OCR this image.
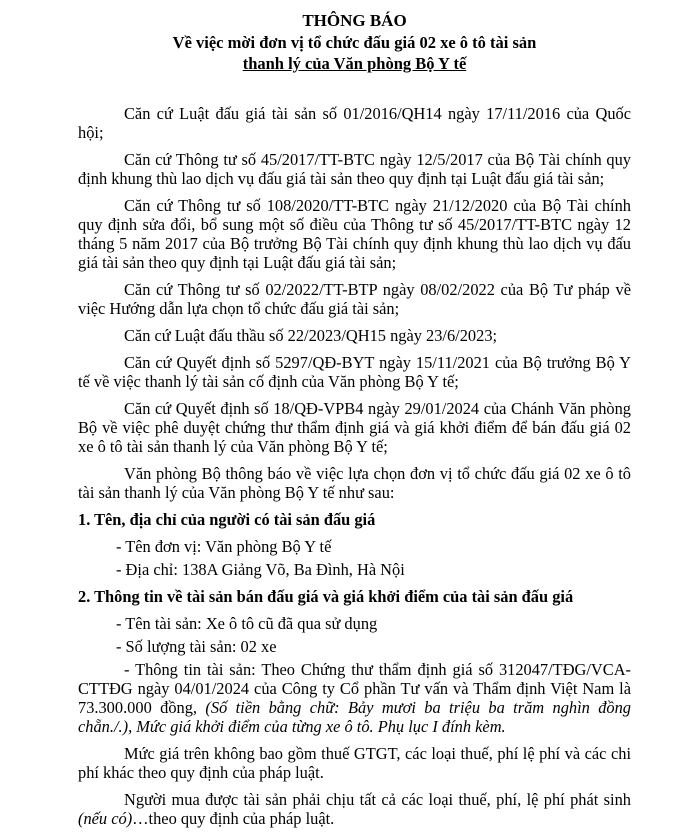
THÔNG BÁO
Về việc mời đơn vị tổ chức đấu giá 02 xe ô tô tài sản
thanh lý của Văn phòng Bộ Y tế

Căn cứ Luật đấu giá tài sản số 01/2016/QH14 ngày 17/11/2016 của Quốc hội;

Căn cứ Thông tư số 45/2017/TT-BTC ngày 12/5/2017 của Bộ Tài chính quy định khung thù lao dịch vụ đấu giá tài sản theo quy định tại Luật đấu giá tài sản;

Căn cứ Thông tư số 108/2020/TT-BTC ngày 21/12/2020 của Bộ Tài chính quy định sửa đổi, bổ sung một số điều của Thông tư số 45/2017/TT-BTC ngày 12 tháng 5 năm 2017 của Bộ trưởng Bộ Tài chính quy định khung thù lao dịch vụ đấu giá tài sản theo quy định tại Luật đấu giá tài sản;

Căn cứ Thông tư số 02/2022/TT-BTP ngày 08/02/2022 của Bộ Tư pháp về việc Hướng dẫn lựa chọn tổ chức đấu giá tài sản;

Căn cứ Luật đấu thầu số 22/2023/QH15 ngày 23/6/2023;

Căn cứ Quyết định số 5297/QĐ-BYT ngày 15/11/2021 của Bộ trưởng Bộ Y tế về việc thanh lý tài sản cố định của Văn phòng Bộ Y tế;

Căn cứ Quyết định số 18/QĐ-VPB4 ngày 29/01/2024 của Chánh Văn phòng Bộ về việc phê duyệt chứng thư thẩm định giá và giá khởi điểm để bán đấu giá 02 xe ô tô tài sản thanh lý của Văn phòng Bộ Y tế;

Văn phòng Bộ thông báo về việc lựa chọn đơn vị tổ chức đấu giá 02 xe ô tô tài sản thanh lý của Văn phòng Bộ Y tế như sau:

1. Tên, địa chỉ của người có tài sản đấu giá

- Tên đơn vị: Văn phòng Bộ Y tế

- Địa chỉ: 138A Giảng Võ, Ba Đình, Hà Nội

2. Thông tin về tài sản bán đấu giá và giá khởi điểm của tài sản đấu giá

- Tên tài sản: Xe ô tô cũ đã qua sử dụng

- Số lượng tài sản: 02 xe

- Thông tin tài sản: Theo Chứng thư thẩm định giá số 312047/TĐG/VCA-CTTĐG ngày 04/01/2024 của Công ty Cổ phần Tư vấn và Thẩm định Việt Nam là 73.300.000 đồng, (Số tiền bằng chữ: Bảy mươi ba triệu ba trăm nghìn đồng chẵn./.), Mức giá khởi điểm của từng xe ô tô. Phụ lục I đính kèm.

Mức giá trên không bao gồm thuế GTGT, các loại thuế, phí lệ phí và các chi phí khác theo quy định của pháp luật.

Người mua được tài sản phải chịu tất cả các loại thuế, phí, lệ phí phát sinh (nếu có)…theo quy định của pháp luật.
